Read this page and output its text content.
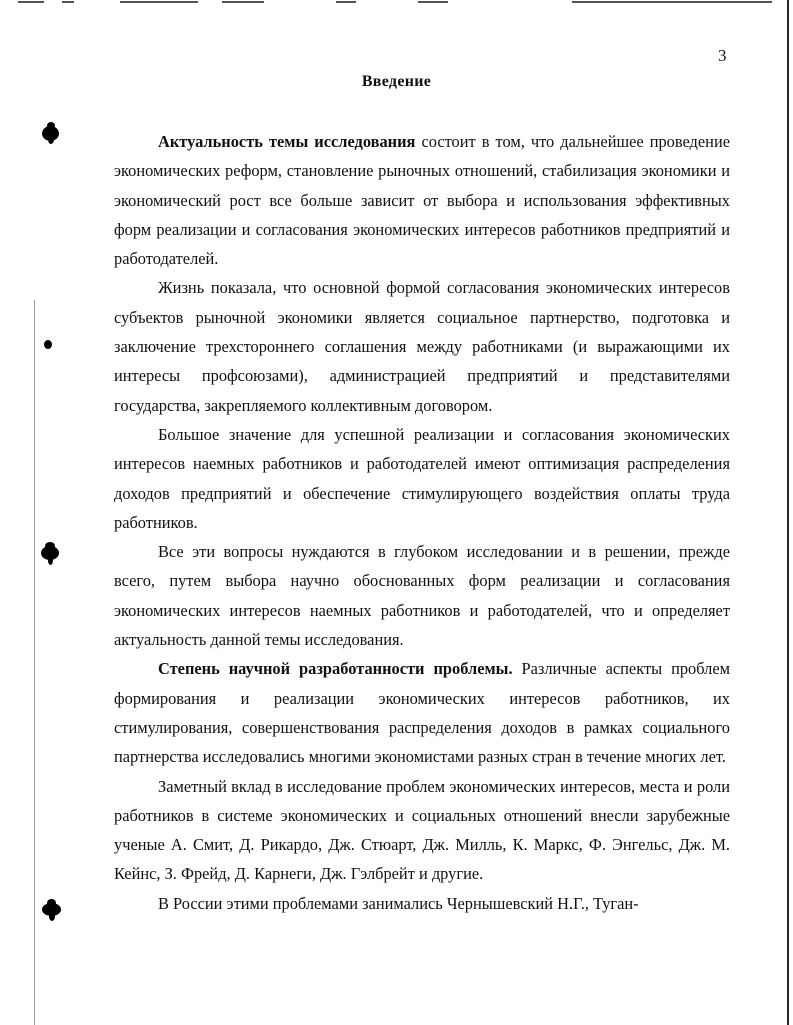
3
Введение

Актуальность темы исследования состоит в том, что дальнейшее проведение экономических реформ, становление рыночных отношений, стабилизация экономики и экономический рост все больше зависит от выбора и использования эффективных форм реализации и согласования экономических интересов работников предприятий и работодателей.

Жизнь показала, что основной формой согласования экономических интересов субъектов рыночной экономики является социальное партнерство, подготовка и заключение трехстороннего соглашения между работниками (и выражающими их интересы профсоюзами), администрацией предприятий и представителями государства, закрепляемого коллективным договором.

Большое значение для успешной реализации и согласования экономических интересов наемных работников и работодателей имеют оптимизация распределения доходов предприятий и обеспечение стимулирующего воздействия оплаты труда работников.

Все эти вопросы нуждаются в глубоком исследовании и в решении, прежде всего, путем выбора научно обоснованных форм реализации и согласования экономических интересов наемных работников и работодателей, что и определяет актуальность данной темы исследования.

Степень научной разработанности проблемы. Различные аспекты проблем формирования и реализации экономических интересов работников, их стимулирования, совершенствования распределения доходов в рамках социального партнерства исследовались многими экономистами разных стран в течение многих лет.

Заметный вклад в исследование проблем экономических интересов, места и роли работников в системе экономических и социальных отношений внесли зарубежные ученые А. Смит, Д. Рикардо, Дж. Стюарт, Дж. Милль, К. Маркс, Ф. Энгельс, Дж. М. Кейнс, З. Фрейд, Д. Карнеги, Дж. Гэлбрейт и другие.

В России этими проблемами занимались Чернышевский Н.Г., Туган-
